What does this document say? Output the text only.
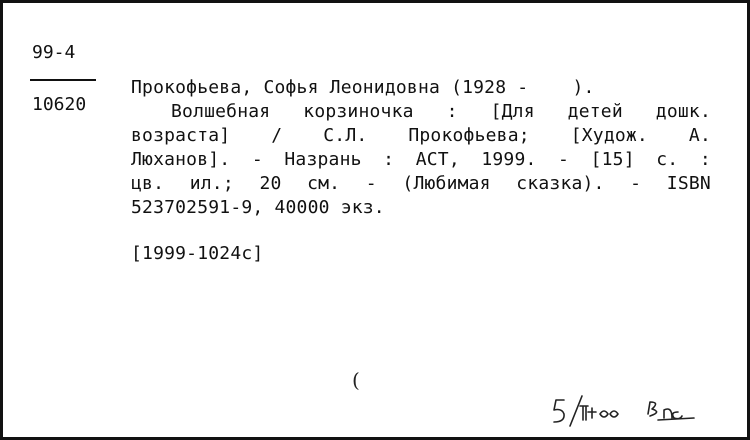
99-4
10620
Прокофьева, Софья Леонидовна (1928 -    ).
Волшебная корзиночка : [Для детей дошк.
возраста] / С.Л. Прокофьева; [Худож. А.
Люханов]. - Назрань : АСТ, 1999. - [15] с. :
цв. ил.; 20 см. - (Любимая сказка). - ISBN
523702591-9, 40000 экз.
[1999-1024c]
(
